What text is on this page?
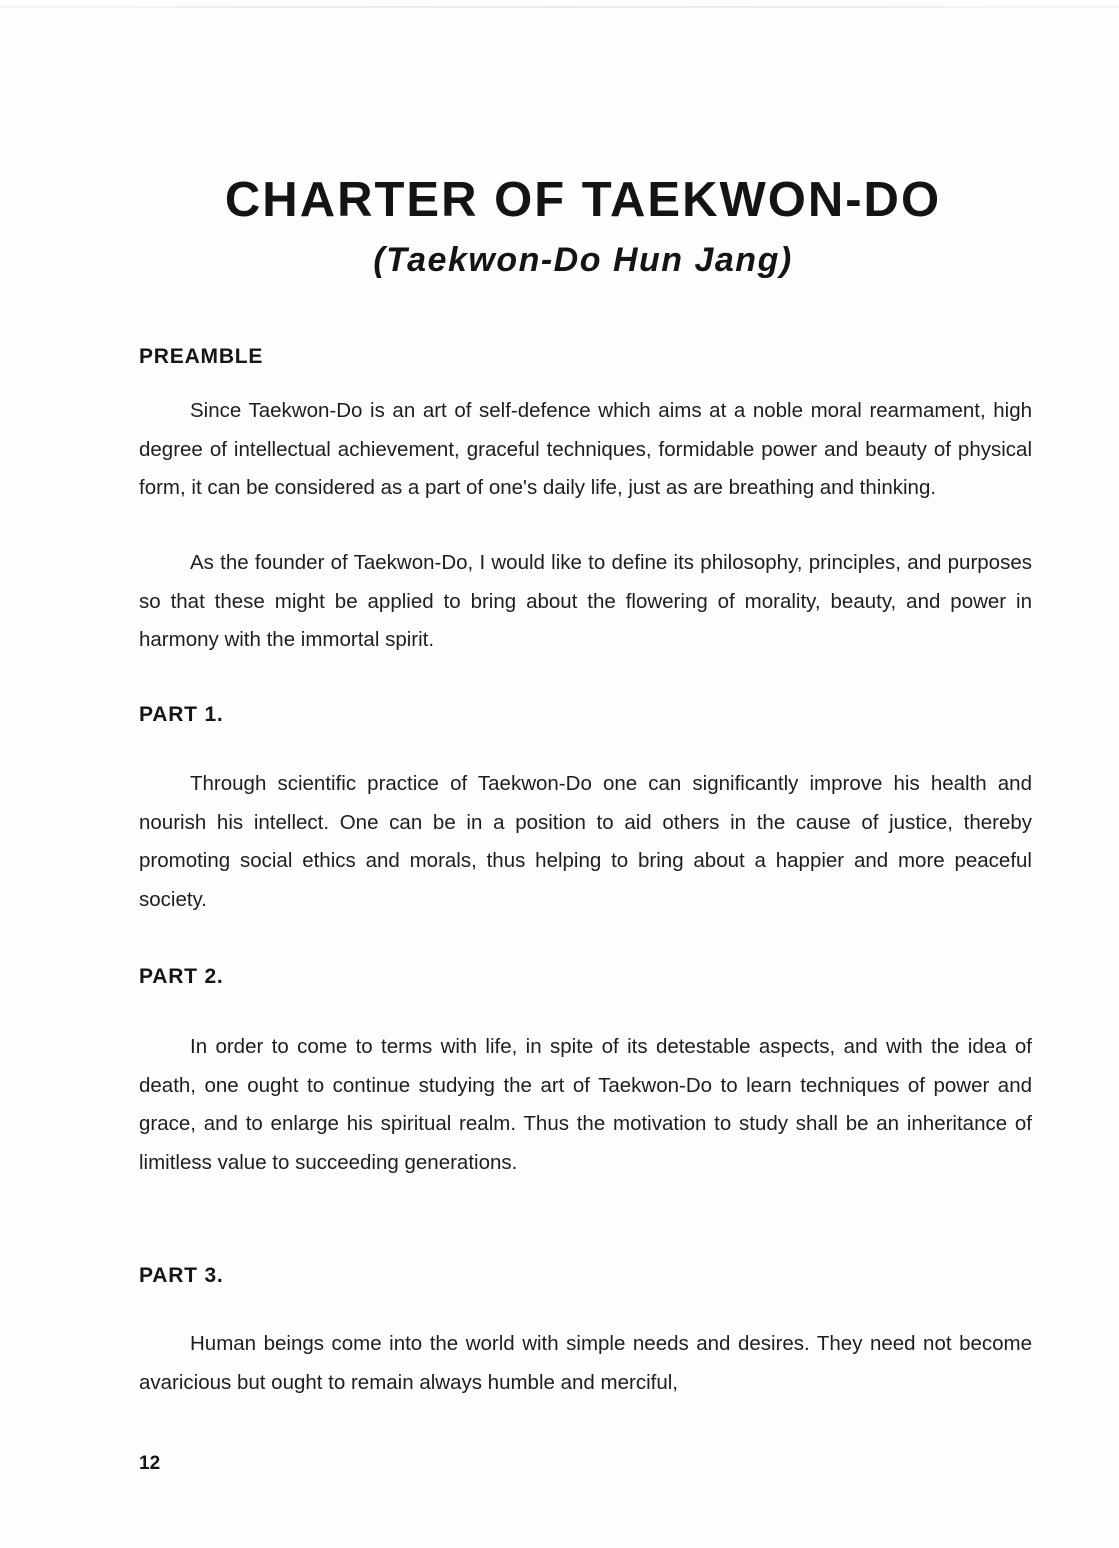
CHARTER OF TAEKWON-DO
(Taekwon-Do Hun Jang)
PREAMBLE

Since Taekwon-Do is an art of self-defence which aims at a noble moral rearmament, high degree of intellectual achievement, graceful techniques, formidable power and beauty of physical form, it can be considered as a part of one's daily life, just as are breathing and thinking.

As the founder of Taekwon-Do, I would like to define its philosophy, principles, and purposes so that these might be applied to bring about the flowering of morality, beauty, and power in harmony with the immortal spirit.

PART 1.

Through scientific practice of Taekwon-Do one can significantly improve his health and nourish his intellect. One can be in a position to aid others in the cause of justice, thereby promoting social ethics and morals, thus helping to bring about a happier and more peaceful society.

PART 2.

In order to come to terms with life, in spite of its detestable aspects, and with the idea of death, one ought to continue studying the art of Taekwon-Do to learn techniques of power and grace, and to enlarge his spiritual realm. Thus the motivation to study shall be an inheritance of limitless value to succeeding generations.

PART 3.

Human beings come into the world with simple needs and desires. They need not become avaricious but ought to remain always humble and merciful,

12
